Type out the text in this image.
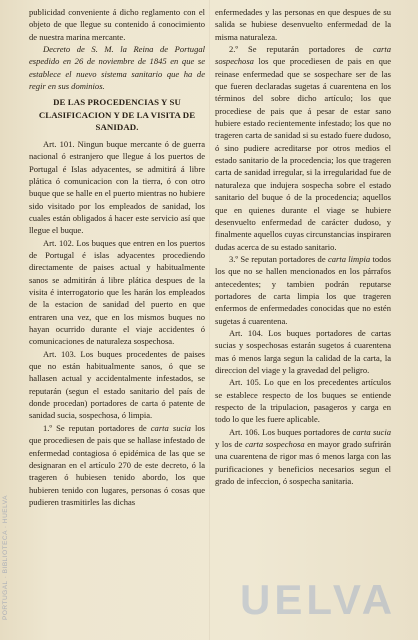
publicidad conveniente á dicho reglamento con el objeto de que llegue su contenido á conocimiento de nuestra marina mercante.

Decreto de S. M. la Reina de Portugal espedido en 26 de noviembre de 1845 en que se establece el nuevo sistema sanitario que ha de regir en sus dominios.

DE LAS PROCEDENCIAS Y SU CLASIFICACION Y DE LA VISITA DE SANIDAD.

Art. 101. Ningun buque mercante ó de guerra nacional ó estranjero que llegue á los puertos de Portugal é Islas adyacentes, se admitirá á libre plática ó comunicacion con la tierra, ó con otro buque que se halle en el puerto mientras no hubiere sido visitado por los empleados de sanidad, los cuales están obligados á hacer este servicio así que llegue el buque.

Art. 102. Los buques que entren en los puertos de Portugal é islas adyacentes procediendo directamente de paises actual y habitualmente sanos se admitirán á libre plática despues de la visita é interrogatorio que les harán los empleados de la estacion de sanidad del puerto en que entraren una vez, que en los mismos buques no hayan ocurrido durante el viaje accidentes ó comunicaciones de naturaleza sospechosa.

Art. 103. Los buques procedentes de paises que no están habitualmente sanos, ó que se hallasen actual y accidentalmente infestados, se reputarán (segun el estado sanitario del país de donde procedan) portadores de carta ó patente de sanidad sucia, sospechosa, ó limpia.

1.º Se reputan portadores de carta sucia los que procediesen de pais que se hallase infestado de enfermedad contagiosa ó epidémica de las que se designaran en el artículo 270 de este decreto, ó la trageren ó hubiesen tenido abordo, los que hubieren tenido con lugares, personas ó cosas que pudieren trasmitirles las dichas

enfermedades y las personas en que despues de su salida se hubiese desenvuelto enfermedad de la misma naturaleza.

2.º Se reputarán portadores de carta sospechosa los que procediesen de pais en que reinase enfermedad que se sospechare ser de las que fueren declaradas sugetas á cuarentena en los términos del sobre dicho artículo; los que procediese de pais que á pesar de estar sano hubiere estado recientemente infestado; los que no trageren carta de sanidad si su estado fuere dudoso, ó sino pudiere acreditarse por otros medios el estado sanitario de la procedencia; los que trageren carta de sanidad irregular, si la irregularidad fue de naturaleza que indujera sospecha sobre el estado sanitario del buque ó de la procedencia; aquellos que en quienes durante el viage se hubiere desenvuelto enfermedad de carácter dudoso, y finalmente aquellos cuyas circunstancias inspiraren dudas acerca de su estado sanitario.

3.º Se reputan portadores de carta limpia todos los que no se hallen mencionados en los párrafos antecedentes; y tambien podrán reputarse portadores de carta limpia los que trageren enfermos de enfermedades conocidas que no estén sugetas á cuarentena.

Art. 104. Los buques portadores de cartas sucias y sospechosas estarán sugetos á cuarentena mas ó menos larga segun la calidad de la carta, la direccion del viage y la gravedad del peligro.

Art. 105. Lo que en los precedentes artículos se establece respecto de los buques se entiende respecto de la tripulacion, pasageros y carga en todo lo que les fuere aplicable.

Art. 106. Los buques portadores de carta sucia y los de carta sospechosa en mayor grado sufrirán una cuarentena de rigor mas ó menos larga con las purificaciones y beneficios necesarios segun el grado de infeccion, ó sospecha sanitaria.

PORTUGAL · BIBLIOTECA · HUELVA	UELVA
